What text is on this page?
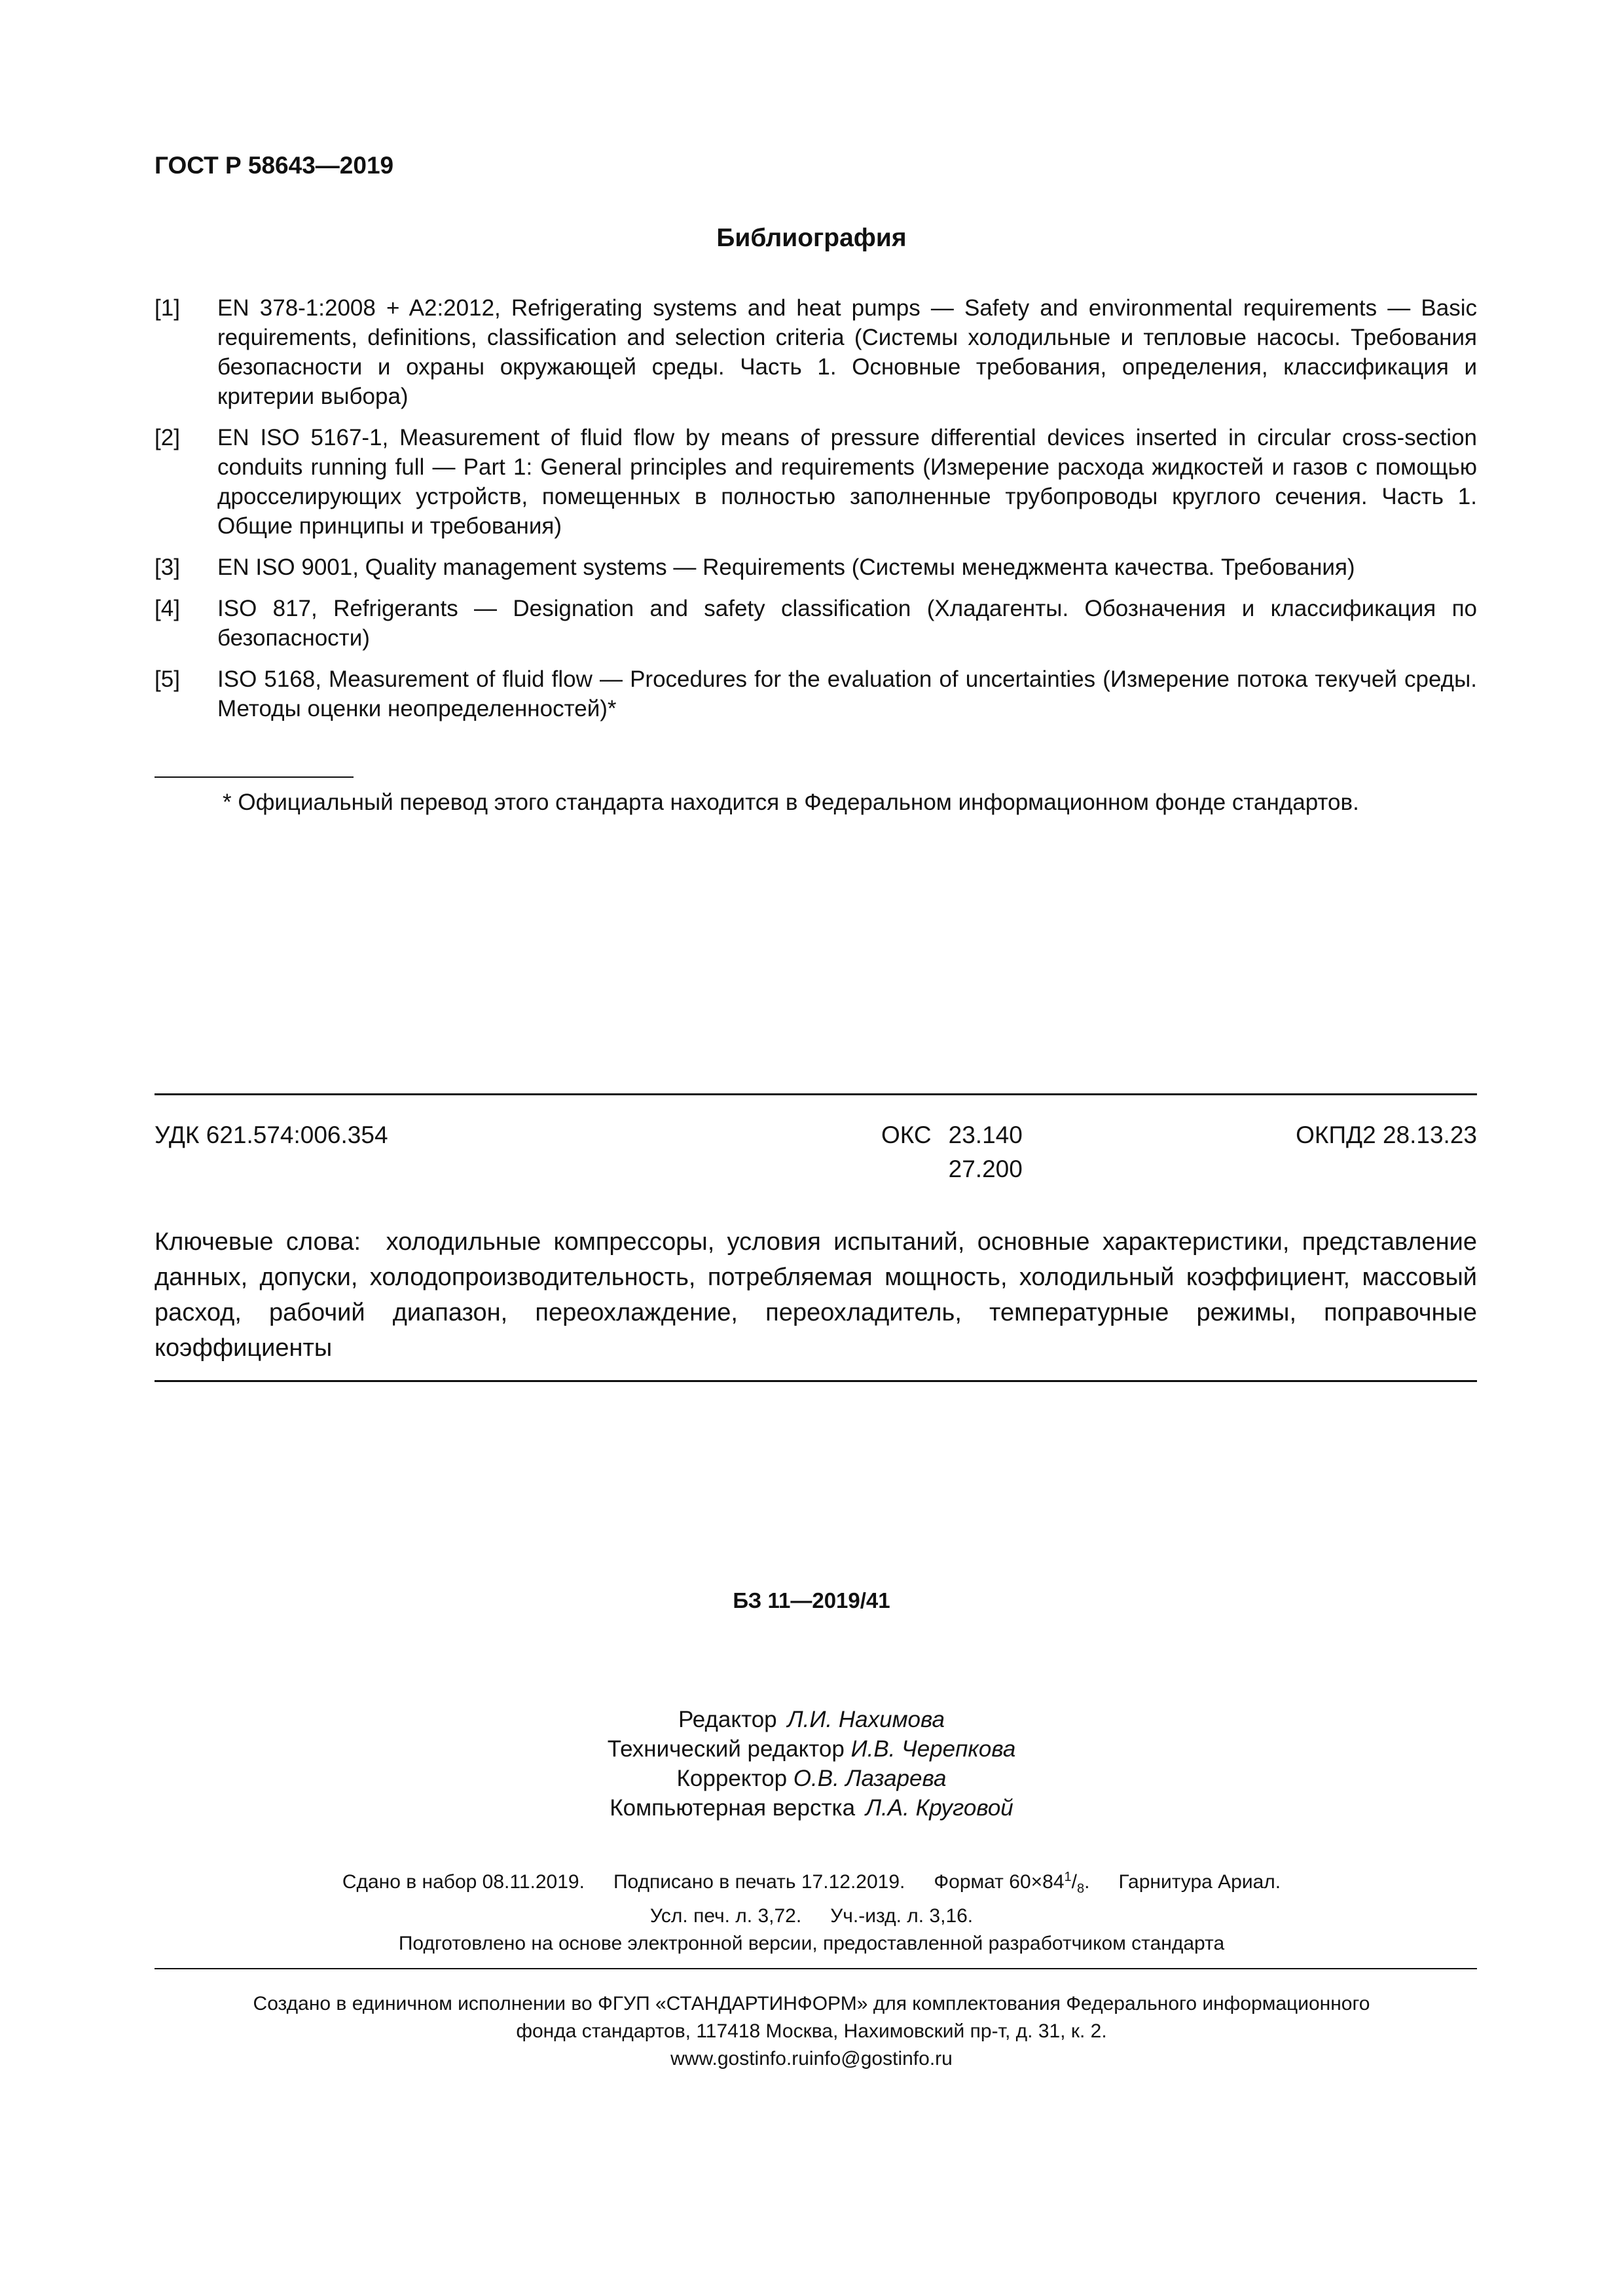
ГОСТ Р 58643—2019
Библиография
[1] EN 378-1:2008 + A2:2012, Refrigerating systems and heat pumps — Safety and environmental requirements — Basic requirements, definitions, classification and selection criteria (Системы холодильные и тепловые насосы. Требования безопасности и охраны окружающей среды. Часть 1. Основные требования, определения, классификация и критерии выбора)
[2] EN ISO 5167-1, Measurement of fluid flow by means of pressure differential devices inserted in circular cross-section conduits running full — Part 1: General principles and requirements (Измерение расхода жидкостей и газов с помощью дросселирующих устройств, помещенных в полностью заполненные трубопроводы круглого сечения. Часть 1. Общие принципы и требования)
[3] EN ISO 9001, Quality management systems — Requirements (Системы менеджмента качества. Требования)
[4] ISO 817, Refrigerants — Designation and safety classification (Хладагенты. Обозначения и классификация по безопасности)
[5] ISO 5168, Measurement of fluid flow — Procedures for the evaluation of uncertainties (Измерение потока текучей среды. Методы оценки неопределенностей)*
* Официальный перевод этого стандарта находится в Федеральном информационном фонде стандартов.
УДК 621.574:006.354	ОКС 23.140
27.200
ОКПД2 28.13.23
Ключевые слова: холодильные компрессоры, условия испытаний, основные характеристики, представление данных, допуски, холодопроизводительность, потребляемая мощность, холодильный коэффициент, массовый расход, рабочий диапазон, переохлаждение, переохладитель, температурные режимы, поправочные коэффициенты
БЗ 11—2019/41
Редактор Л.И. Нахимова
Технический редактор И.В. Черепкова
Корректор О.В. Лазарева
Компьютерная верстка Л.А. Круговой
Сдано в набор 08.11.2019. Подписано в печать 17.12.2019. Формат $60\times 84^1/_8$. Гарнитура Ариал.
Усл. печ. л. 3,72. Уч.-изд. л. 3,16.
Подготовлено на основе электронной версии, предоставленной разработчиком стандарта
Создано в единичном исполнении во ФГУП «СТАНДАРТИНФОРМ» для комплектования Федерального информационного
фонда стандартов, 117418 Москва, Нахимовский пр-т, д. 31, к. 2.
www.gostinfo.ruinfo@gostinfo.ru
